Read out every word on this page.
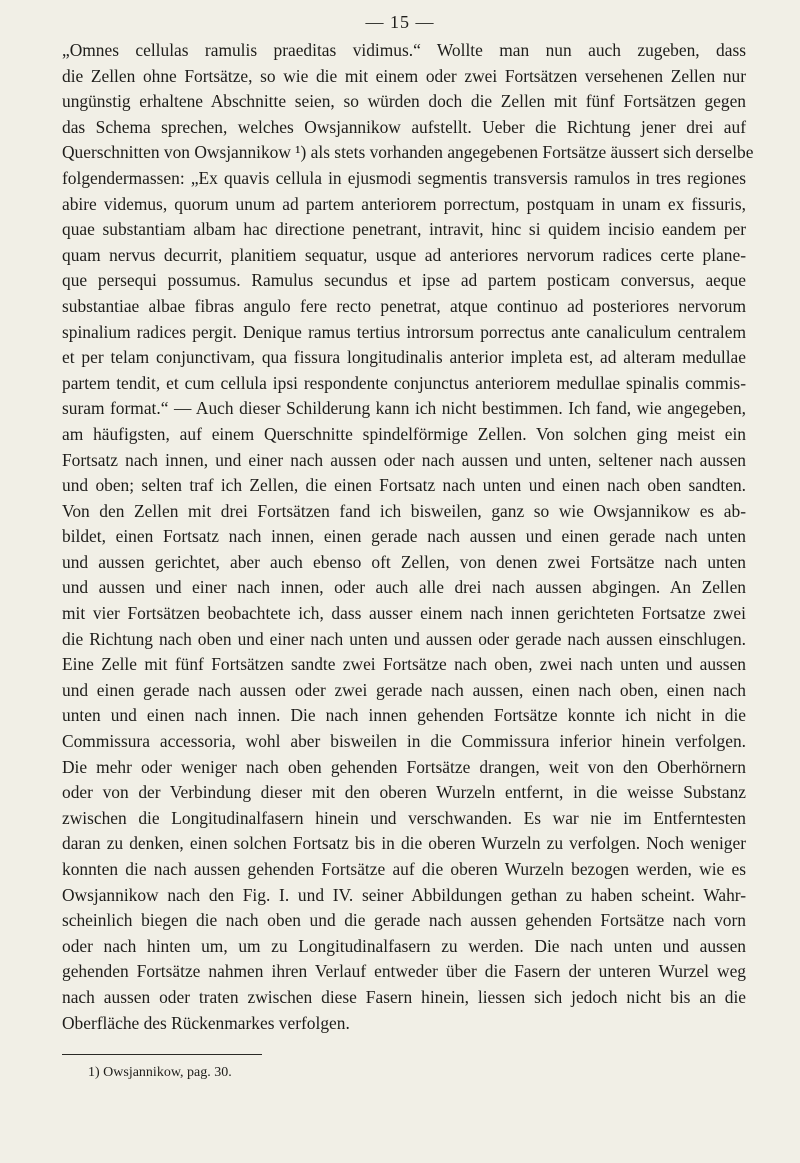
— 15 —
„Omnes cellulas ramulis praeditas vidimus.“ Wollte man nun auch zugeben, dass
die Zellen ohne Fortsätze, so wie die mit einem oder zwei Fortsätzen versehenen Zellen nur
ungünstig erhaltene Abschnitte seien, so würden doch die Zellen mit fünf Fortsätzen gegen
das Schema sprechen, welches Owsjannikow aufstellt. Ueber die Richtung jener drei auf
Querschnitten von Owsjannikow ¹) als stets vorhanden angegebenen Fortsätze äussert sich derselbe
folgendermassen: „Ex quavis cellula in ejusmodi segmentis transversis ramulos in tres regiones
abire videmus, quorum unum ad partem anteriorem porrectum, postquam in unam ex fissuris,
quae substantiam albam hac directione penetrant, intravit, hinc si quidem incisio eandem per
quam nervus decurrit, planitiem sequatur, usque ad anteriores nervorum radices certe plane-
que persequi possumus. Ramulus secundus et ipse ad partem posticam conversus, aeque
substantiae albae fibras angulo fere recto penetrat, atque continuo ad posteriores nervorum
spinalium radices pergit. Denique ramus tertius introrsum porrectus ante canaliculum centralem
et per telam conjunctivam, qua fissura longitudinalis anterior impleta est, ad alteram medullae
partem tendit, et cum cellula ipsi respondente conjunctus anteriorem medullae spinalis commis-
suram format.“ — Auch dieser Schilderung kann ich nicht bestimmen. Ich fand, wie angegeben,
am häufigsten, auf einem Querschnitte spindelförmige Zellen. Von solchen ging meist ein
Fortsatz nach innen, und einer nach aussen oder nach aussen und unten, seltener nach aussen
und oben; selten traf ich Zellen, die einen Fortsatz nach unten und einen nach oben sandten.
Von den Zellen mit drei Fortsätzen fand ich bisweilen, ganz so wie Owsjannikow es ab-
bildet, einen Fortsatz nach innen, einen gerade nach aussen und einen gerade nach unten
und aussen gerichtet, aber auch ebenso oft Zellen, von denen zwei Fortsätze nach unten
und aussen und einer nach innen, oder auch alle drei nach aussen abgingen. An Zellen
mit vier Fortsätzen beobachtete ich, dass ausser einem nach innen gerichteten Fortsatze zwei
die Richtung nach oben und einer nach unten und aussen oder gerade nach aussen einschlugen.
Eine Zelle mit fünf Fortsätzen sandte zwei Fortsätze nach oben, zwei nach unten und aussen
und einen gerade nach aussen oder zwei gerade nach aussen, einen nach oben, einen nach
unten und einen nach innen. Die nach innen gehenden Fortsätze konnte ich nicht in die
Commissura accessoria, wohl aber bisweilen in die Commissura inferior hinein verfolgen.
Die mehr oder weniger nach oben gehenden Fortsätze drangen, weit von den Oberhörnern
oder von der Verbindung dieser mit den oberen Wurzeln entfernt, in die weisse Substanz
zwischen die Longitudinalfasern hinein und verschwanden. Es war nie im Entferntesten
daran zu denken, einen solchen Fortsatz bis in die oberen Wurzeln zu verfolgen. Noch weniger
konnten die nach aussen gehenden Fortsätze auf die oberen Wurzeln bezogen werden, wie es
Owsjannikow nach den Fig. I. und IV. seiner Abbildungen gethan zu haben scheint. Wahr-
scheinlich biegen die nach oben und die gerade nach aussen gehenden Fortsätze nach vorn
oder nach hinten um, um zu Longitudinalfasern zu werden. Die nach unten und aussen
gehenden Fortsätze nahmen ihren Verlauf entweder über die Fasern der unteren Wurzel weg
nach aussen oder traten zwischen diese Fasern hinein, liessen sich jedoch nicht bis an die
Oberfläche des Rückenmarkes verfolgen.
1) Owsjannikow, pag. 30.
